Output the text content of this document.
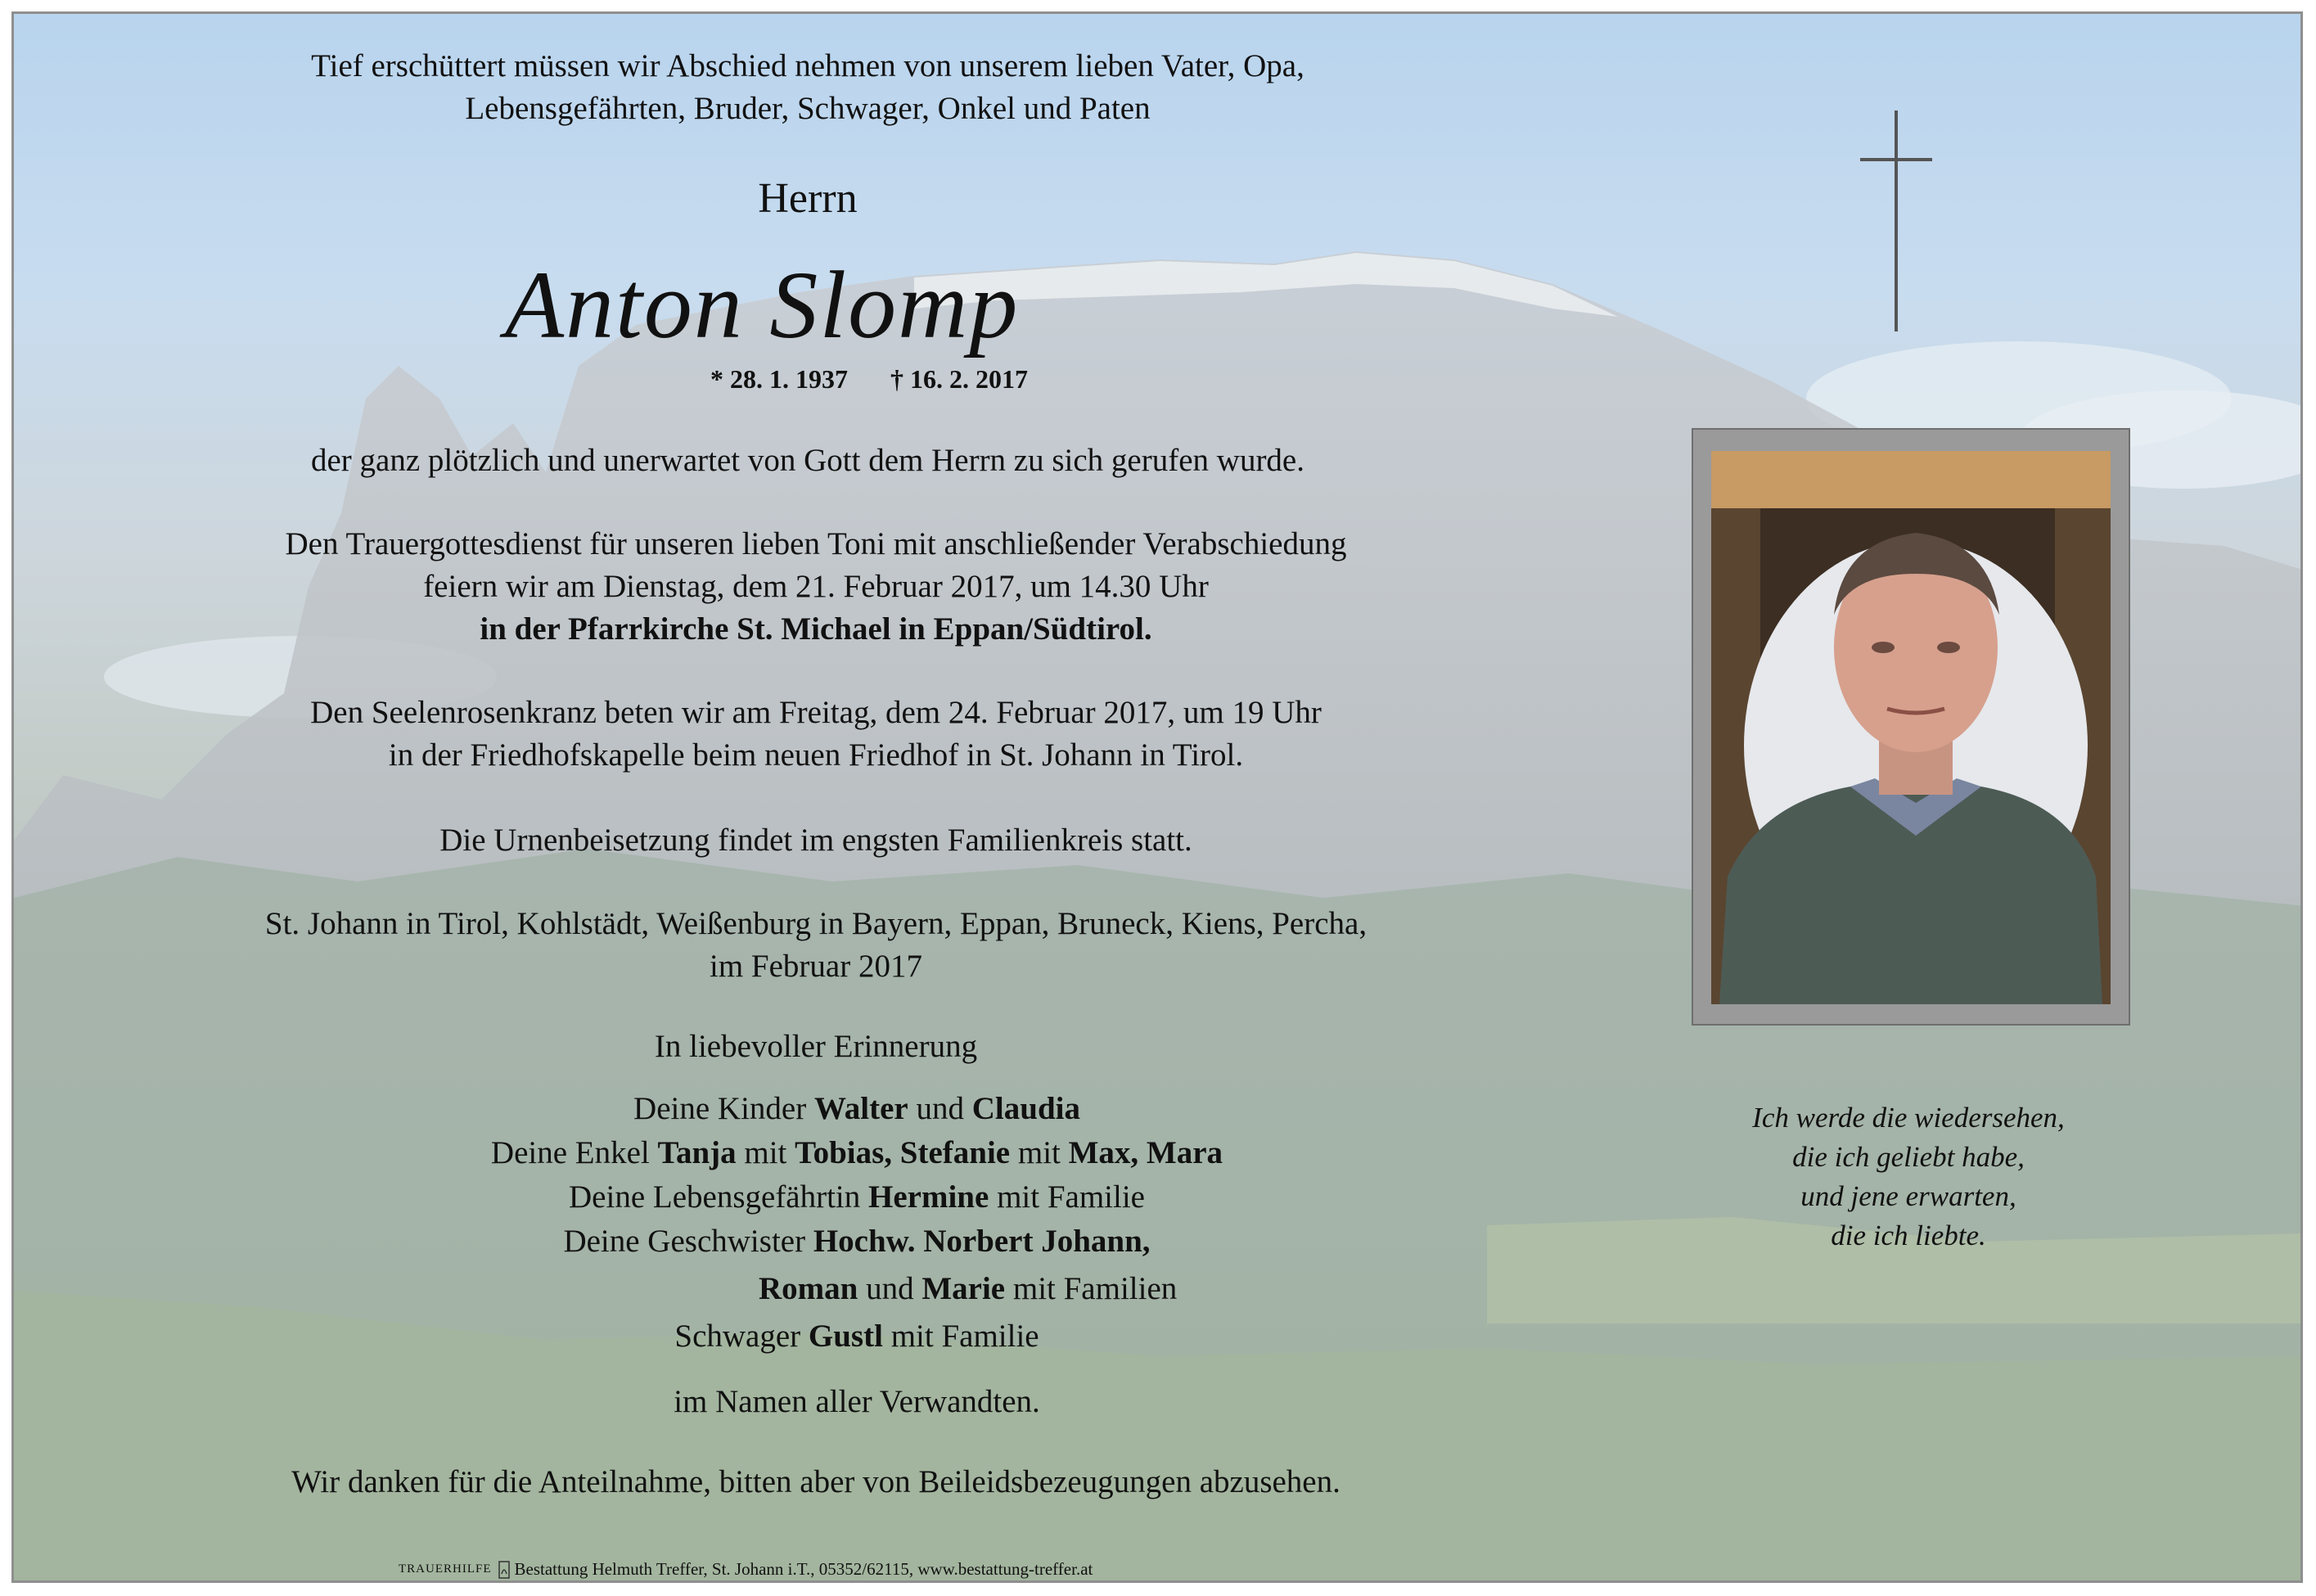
Tief erschüttert müssen wir Abschied nehmen von unserem lieben Vater, Opa,
Lebensgefährten, Bruder, Schwager, Onkel und Paten
Herrn
Anton Slomp
* 28. 1. 1937 † 16. 2. 2017
der ganz plötzlich und unerwartet von Gott dem Herrn zu sich gerufen wurde.
Den Trauergottesdienst für unseren lieben Toni mit anschließender Verabschiedung
feiern wir am Dienstag, dem 21. Februar 2017, um 14.30 Uhr
in der Pfarrkirche St. Michael in Eppan/Südtirol.
Den Seelenrosenkranz beten wir am Freitag, dem 24. Februar 2017, um 19 Uhr
in der Friedhofskapelle beim neuen Friedhof in St. Johann in Tirol.
Die Urnenbeisetzung findet im engsten Familienkreis statt.
St. Johann in Tirol, Kohlstädt, Weißenburg in Bayern, Eppan, Bruneck, Kiens, Percha,
im Februar 2017
In liebevoller Erinnerung
Deine Kinder Walter und Claudia
Deine Enkel Tanja mit Tobias, Stefanie mit Max, Mara
Deine Lebensgefährtin Hermine mit Familie
Deine Geschwister Hochw. Norbert Johann,
Roman und Marie mit Familien
Schwager Gustl mit Familie
im Namen aller Verwandten.
Wir danken für die Anteilnahme, bitten aber von Beileidsbezeugungen abzusehen.
Ich werde die wiedersehen,
die ich geliebt habe,
und jene erwarten,
die ich liebte.
TRAUERHILFE Bestattung Helmuth Treffer, St. Johann i.T., 05352/62115, www.bestattung-treffer.at
